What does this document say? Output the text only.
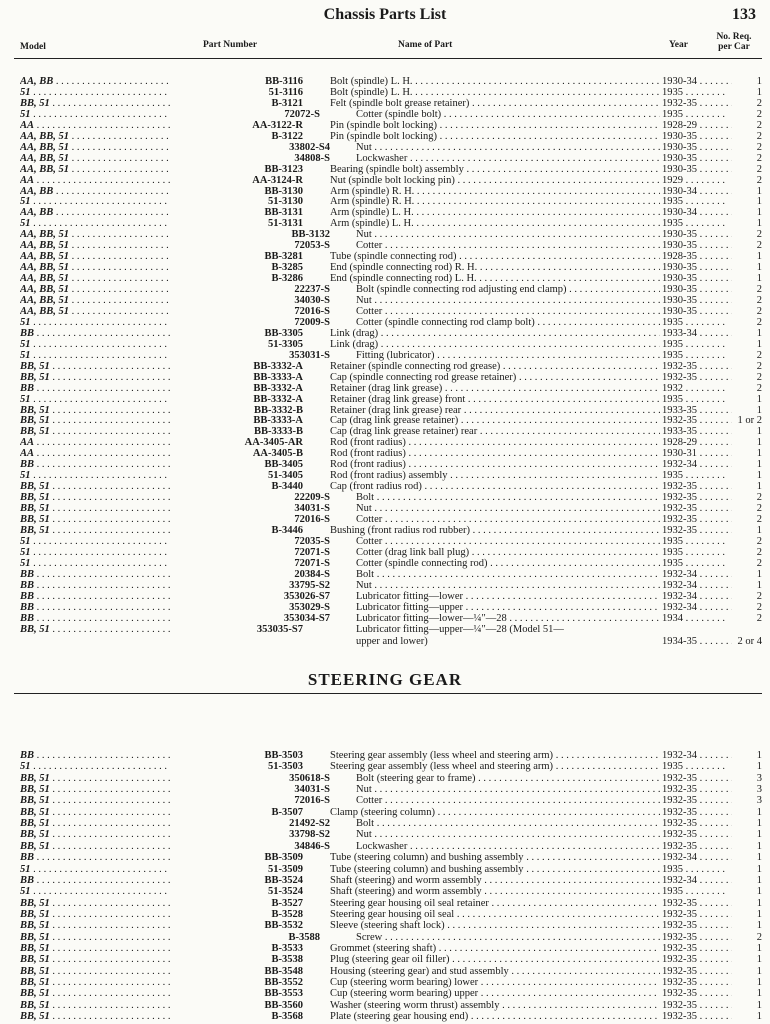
Chassis Parts List	133
Model	Part Number	Name of Part	Year
No. Req.
per Car
AA, BB . . .	BB-3116	Bolt (spindle) L. H. . . .	1930-34 . . .	1
51 . . .	51-3116	Bolt (spindle) L. H. . . .	1935 . . .	1
BB, 51 . . .	B-3121	Felt (spindle bolt grease retainer) . . .	1932-35 . . .	2
51 . . .	72072-S	Cotter (spindle bolt) . . .	1935 . . .	2
AA . . .	AA-3122-R	Pin (spindle bolt locking) . . .	1928-29 . . .	2
AA, BB, 51 . . .	B-3122	Pin (spindle bolt locking) . . .	1930-35 . . .	2
AA, BB, 51 . . .	33802-S4 Nut . . .	1930-35 . . .	2
AA, BB, 51 . . .	34808-S Lockwasher . . .	1930-35 . . .	2
AA, BB, 51 . . .	BB-3123	Bearing (spindle bolt) assembly . . .	1930-35 . . .	2
AA . . .	AA-3124-R	Nut (spindle bolt locking pin) . . .	1929 . . .	2
AA, BB . . .	BB-3130	Arm (spindle) R. H. . . .	1930-34 . . .	1
51 . . .	51-3130	Arm (spindle) R. H. . . .	1935 . . .	1
AA, BB . . .	BB-3131	Arm (spindle) L. H. . . .	1930-34 . . .	1
51 . . .	51-3131	Arm (spindle) L. H. . . .	1935 . . .	1
AA, BB, 51 . . .	BB-3132 Nut . . .	1930-35 . . .	2
AA, BB, 51 . . .	72053-S Cotter . . .	1930-35 . . .	2
AA, BB, 51 . . .	BB-3281	Tube (spindle connecting rod) . . .	1928-35 . . .	1
AA, BB, 51 . . .	B-3285	End (spindle connecting rod) R. H. . . .	1930-35 . . .	1
AA, BB, 51 . . .	B-3286	End (spindle connecting rod) L. H. . . .	1930-35 . . .	1
AA, BB, 51 . . .	22237-S Bolt (spindle connecting rod adjusting end clamp) . . .	1930-35 . . .	2
AA, BB, 51 . . .	34030-S Nut . . .	1930-35 . . .	2
AA, BB, 51 . . .	72016-S Cotter . . .	1930-35 . . .	2
51 . . .	72009-S Cotter (spindle connecting rod clamp bolt) . . .	1935 . . .	2
BB . . .	BB-3305	Link (drag) . . .	1933-34 . . .	1
51 . . .	51-3305	Link (drag) . . .	1935 . . .	1
51 . . .	353031-S Fitting (lubricator) . . .	1935 . . .	2
BB, 51 . . .	BB-3332-A	Retainer (spindle connecting rod grease) . . .	1932-35 . . .	2
BB, 51 . . .	BB-3333-A	Cap (spindle connecting rod grease retainer) . . .	1932-35 . . .	2
BB . . .	BB-3332-A	Retainer (drag link grease) . . .	1932 . . .	2
51 . . .	BB-3332-A	Retainer (drag link grease) front . . .	1935 . . .	1
BB, 51 . . .	BB-3332-B	Retainer (drag link grease) rear . . .	1933-35 . . .	1
BB, 51 . . .	BB-3333-A	Cap (drag link grease retainer) . . .	1932-35 . . .	1 or 2
BB, 51 . . .	BB-3333-B	Cap (drag link grease retainer) rear . . .	1933-35 . . .	1
AA . . .	AA-3405-AR	Rod (front radius) . . .	1928-29 . . .	1
AA . . .	AA-3405-B	Rod (front radius) . . .	1930-31 . . .	1
BB . . .	BB-3405	Rod (front radius) . . .	1932-34 . . .	1
51 . . .	51-3405	Rod (front radius) assembly . . .	1935 . . .	1
BB, 51 . . .	B-3440	Cap (front radius rod) . . .	1932-35 . . .	1
BB, 51 . . .	22209-S Bolt . . .	1932-35 . . .	2
BB, 51 . . .	34031-S Nut . . .	1932-35 . . .	2
BB, 51 . . .	72016-S Cotter . . .	1932-35 . . .	2
BB, 51 . . .	B-3446	Bushing (front radius rod rubber) . . .	1932-35 . . .	1
51 . . .	72035-S Cotter . . .	1935 . . .	2
51 . . .	72071-S Cotter (drag link ball plug) . . .	1935 . . .	2
51 . . .	72071-S Cotter (spindle connecting rod) . . .	1935 . . .	2
BB . . .	20384-S Bolt . . .	1932-34 . . .	1
BB . . .	33795-S2 Nut . . .	1932-34 . . .	1
BB . . .	353026-S7 Lubricator fitting—lower . . .	1932-34 . . .	2
BB . . .	353029-S Lubricator fitting—upper . . .	1932-34 . . .	2
BB . . .	353034-S7 Lubricator fitting—lower—¼″—28 . . .	1934 . . .	2
BB, 51 . . .	353035-S7	Lubricator fitting—upper—¼″—28 (Model 51—
upper and lower)	1934-35 . . .	2 or 4
STEERING GEAR
BB . . .	BB-3503	Steering gear assembly (less wheel and steering arm) . . .	1932-34 . . .	1
51 . . .	51-3503	Steering gear assembly (less wheel and steering arm) . . .	1935 . . .	1
BB, 51 . . .	350618-S Bolt (steering gear to frame) . . .	1932-35 . . .	3
BB, 51 . . .	34031-S Nut . . .	1932-35 . . .	3
BB, 51 . . .	72016-S Cotter . . .	1932-35 . . .	3
BB, 51 . . .	B-3507	Clamp (steering column) . . .	1932-35 . . .	1
BB, 51 . . .	21492-S2 Bolt . . .	1932-35 . . .	1
BB, 51 . . .	33798-S2 Nut . . .	1932-35 . . .	1
BB, 51 . . .	34846-S Lockwasher . . .	1932-35 . . .	1
BB . . .	BB-3509	Tube (steering column) and bushing assembly . . .	1932-34 . . .	1
51 . . .	51-3509	Tube (steering column) and bushing assembly . . .	1935 . . .	1
BB . . .	BB-3524	Shaft (steering) and worm assembly . . .	1932-34 . . .	1
51 . . .	51-3524	Shaft (steering) and worm assembly . . .	1935 . . .	1
BB, 51 . . .	B-3527	Steering gear housing oil seal retainer . . .	1932-35 . . .	1
BB, 51 . . .	B-3528	Steering gear housing oil seal . . .	1932-35 . . .	1
BB, 51 . . .	BB-3532	Sleeve (steering shaft lock) . . .	1932-35 . . .	1
BB, 51 . . .	B-3588	Screw . . .	1932-35 . . .	2
BB, 51 . . .	B-3533	Grommet (steering shaft) . . .	1932-35 . . .	1
BB, 51 . . .	B-3538	Plug (steering gear oil filler) . . .	1932-35 . . .	1
BB, 51 . . .	BB-3548	Housing (steering gear) and stud assembly . . .	1932-35 . . .	1
BB, 51 . . .	BB-3552	Cup (steering worm bearing) lower . . .	1932-35 . . .	1
BB, 51 . . .	BB-3553	Cup (steering worm bearing) upper . . .	1932-35 . . .	1
BB, 51 . . .	BB-3560	Washer (steering worm thrust) assembly . . .	1932-35 . . .	1
BB, 51 . . .	B-3568	Plate (steering gear housing end) . . .	1932-35 . . .	1
